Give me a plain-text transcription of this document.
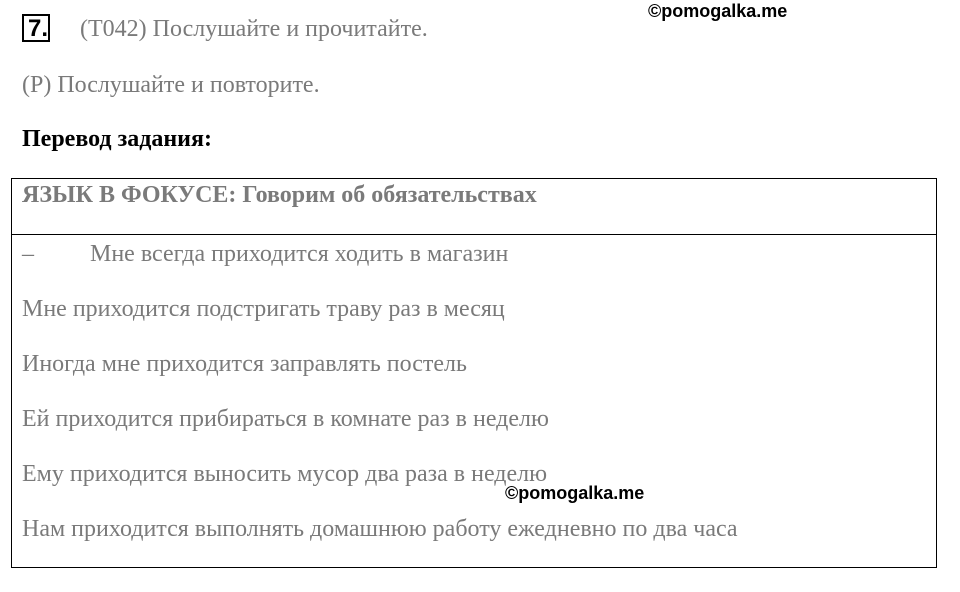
7. (T042) Послушайте и прочитайте.
(P) Послушайте и повторите.
Перевод задания:
©pomogalka.me
ЯЗЫК В ФОКУСЕ: Говорим об обязательствах
– Мне всегда приходится ходить в магазин
Мне приходится подстригать траву раз в месяц
Иногда мне приходится заправлять постель
Ей приходится прибираться в комнате раз в неделю
Ему приходится выносить мусор два раза в неделю
Нам приходится выполнять домашнюю работу ежедневно по два часа
©pomogalka.me
